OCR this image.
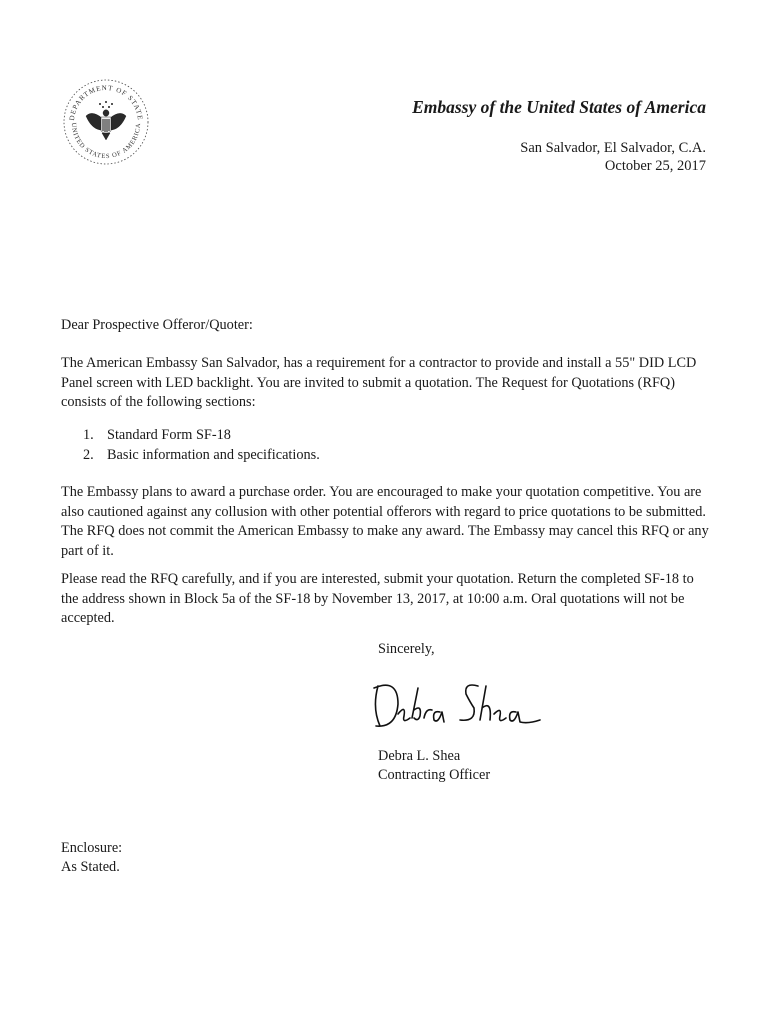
DEPARTMENT OF STATE
UNITED STATES OF AMERICA
Embassy of the United States of America
San Salvador, El Salvador, C.A.
October 25, 2017
Dear Prospective Offeror/Quoter:
The American Embassy San Salvador, has a requirement for a contractor to provide and install a 55" DID LCD Panel screen with LED backlight. You are invited to submit a quotation. The Request for Quotations (RFQ) consists of the following sections:
1. Standard Form SF-18
2. Basic information and specifications.
The Embassy plans to award a purchase order. You are encouraged to make your quotation competitive. You are also cautioned against any collusion with other potential offerors with regard to price quotations to be submitted. The RFQ does not commit the American Embassy to make any award. The Embassy may cancel this RFQ or any part of it.
Please read the RFQ carefully, and if you are interested, submit your quotation. Return the completed SF-18 to the address shown in Block 5a of the SF-18 by November 13, 2017, at 10:00 a.m. Oral quotations will not be accepted.
Sincerely,
Debra L. Shea
Contracting Officer
Enclosure:
As Stated.
